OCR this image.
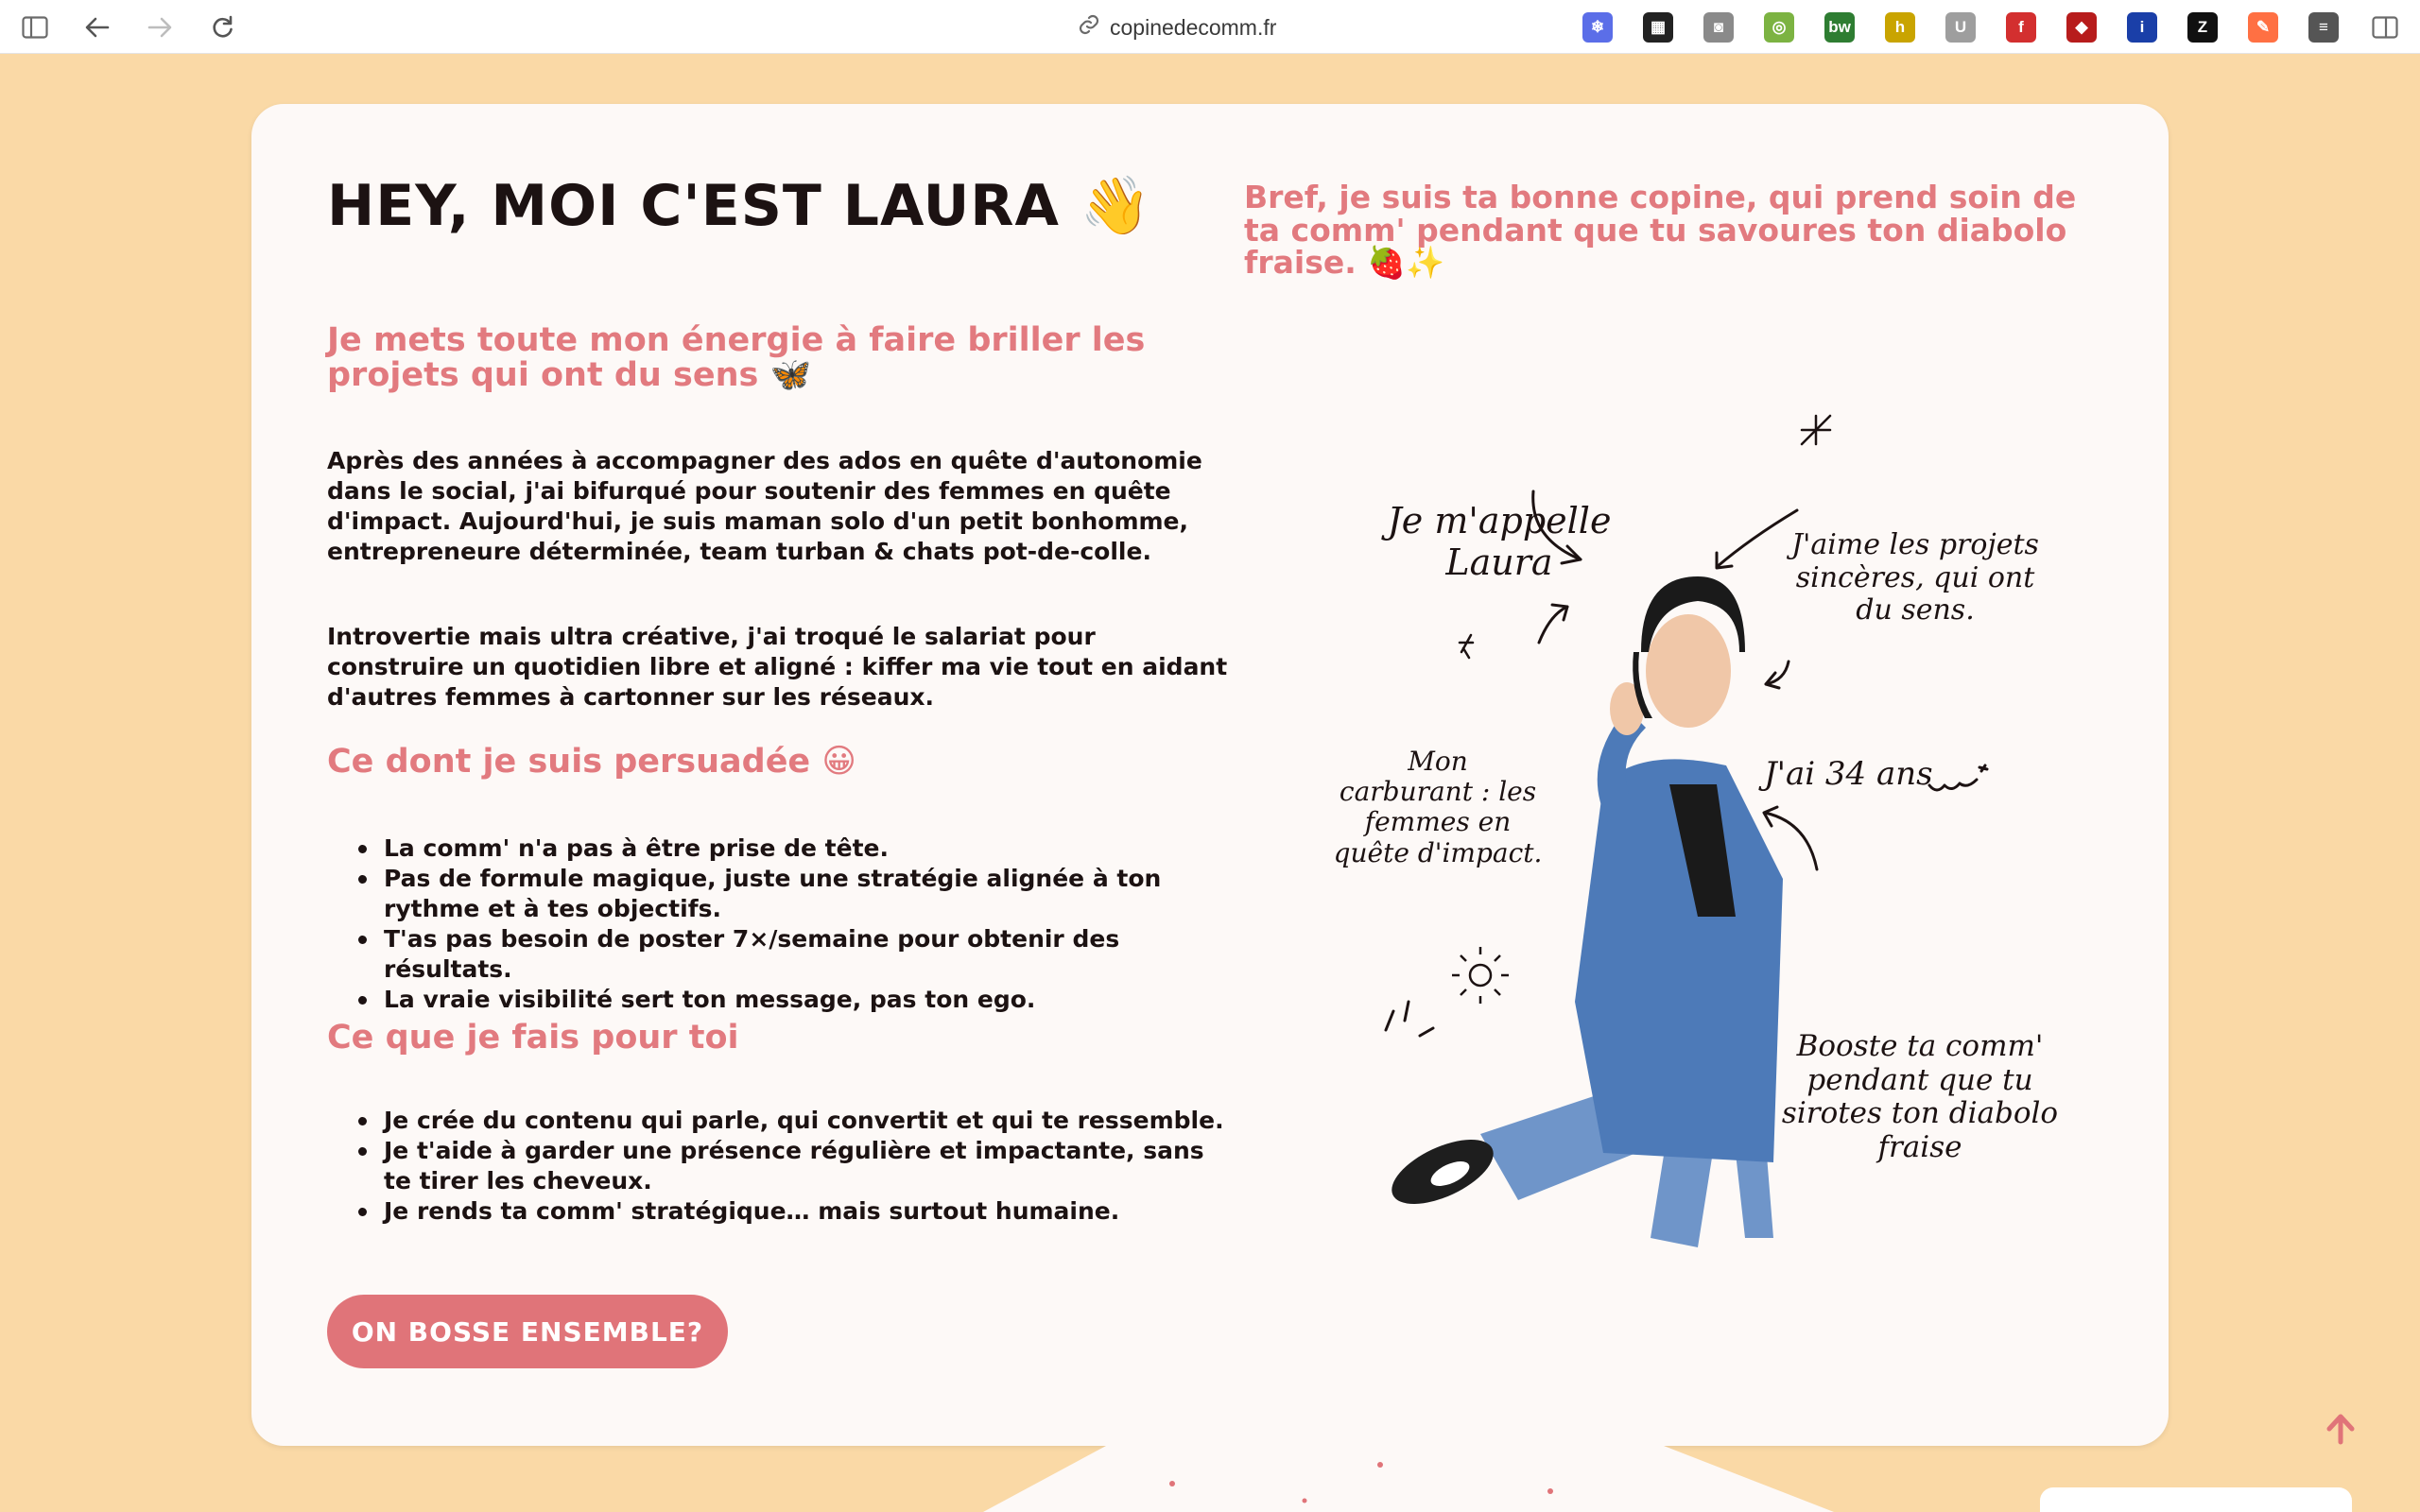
copinedecomm.fr	❄	▦	◙	◎	bw	h	U	f	◆	i	Z	✎	≡
HEY, MOI C'EST LAURA 👋	Bref, je suis ta bonne copine, qui prend soin de ta comm' pendant que tu savoures ton diabolo fraise. 🍓✨
Je mets toute mon énergie à faire briller les projets qui ont du sens 🦋

Après des années à accompagner des ados en quête d'autonomie dans le social, j'ai bifurqué pour soutenir des femmes en quête d'impact. Aujourd'hui, je suis maman solo d'un petit bonhomme, entrepreneure déterminée, team turban & chats pot-de-colle.

Introvertie mais ultra créative, j'ai troqué le salariat pour construire un quotidien libre et aligné : kiffer ma vie tout en aidant d'autres femmes à cartonner sur les réseaux.

Ce dont je suis persuadée 😀
La comm' n'a pas à être prise de tête.
Pas de formule magique, juste une stratégie alignée à ton rythme et à tes objectifs.
T'as pas besoin de poster 7×/semaine pour obtenir des résultats.
La vraie visibilité sert ton message, pas ton ego.
Ce que je fais pour toi
Je crée du contenu qui parle, qui convertit et qui te ressemble.
Je t'aide à garder une présence régulière et impactante, sans te tirer les cheveux.
Je rends ta comm' stratégique… mais surtout humaine.
ON BOSSE ENSEMBLE?
Je m'appelle
Laura	J'aime les projets
sincères, qui ont
du sens.
Mon
carburant : les
femmes en
quête d'impact.
J'ai 34 ans
Booste ta comm'
pendant que tu
sirotes ton diabolo
fraise
